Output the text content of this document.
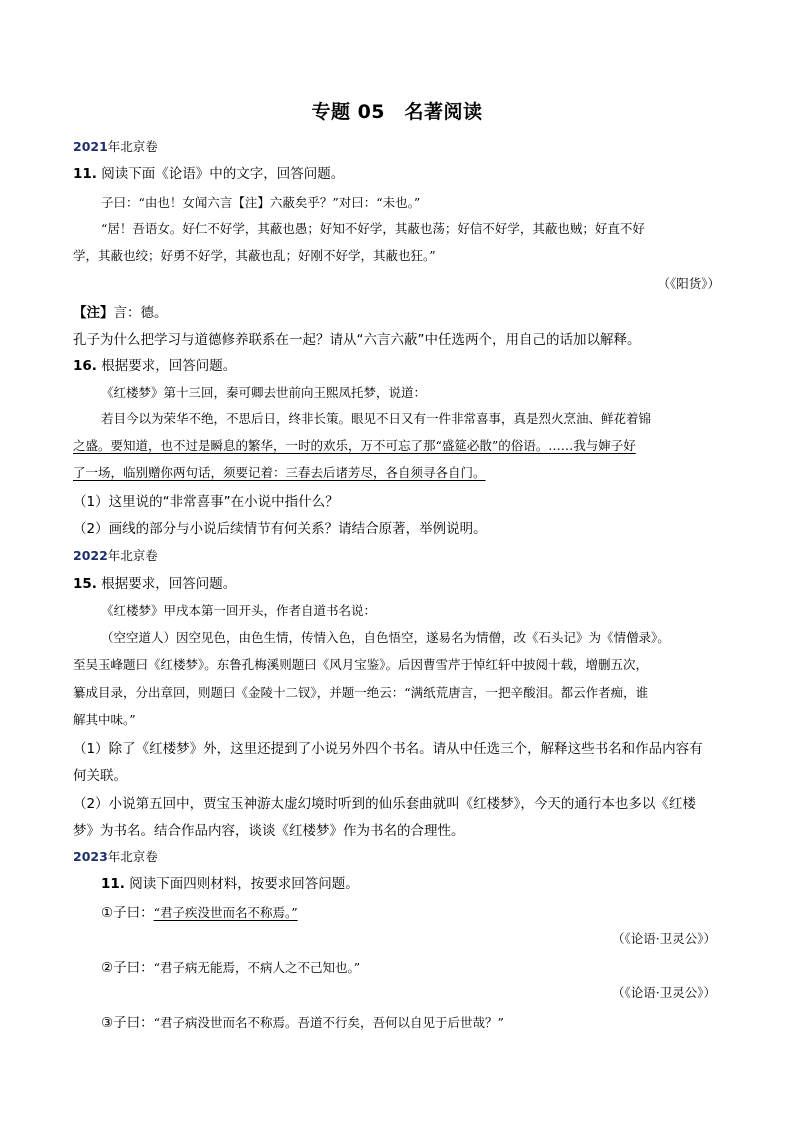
专题 05　名著阅读
2021年北京卷
11. 阅读下面《论语》中的文字，回答问题。
子曰：“由也！女闻六言【注】六蔽矣乎？”对曰：“未也。”
“居！吾语女。好仁不好学，其蔽也愚；好知不好学，其蔽也荡；好信不好学，其蔽也贼；好直不好
学，其蔽也绞；好勇不好学，其蔽也乱；好刚不好学，其蔽也狂。”
（《阳货》）
【注】言：德。
孔子为什么把学习与道德修养联系在一起？请从“六言六蔽”中任选两个，用自己的话加以解释。
16. 根据要求，回答问题。
《红楼梦》第十三回，秦可卿去世前向王熙凤托梦，说道：
若目今以为荣华不绝，不思后日，终非长策。眼见不日又有一件非常喜事，真是烈火烹油、鲜花着锦
之盛。要知道，也不过是瞬息的繁华，一时的欢乐，万不可忘了那“盛筵必散”的俗语。……我与婶子好
了一场，临别赠你两句话，须要记着：三春去后诸芳尽，各自须寻各自门。
（1）这里说的“非常喜事”在小说中指什么？
（2）画线的部分与小说后续情节有何关系？请结合原著，举例说明。
2022年北京卷
15. 根据要求，回答问题。
《红楼梦》甲戌本第一回开头，作者自道书名说：
（空空道人）因空见色，由色生情，传情入色，自色悟空，遂易名为情僧，改《石头记》为《情僧录》。
至吴玉峰题曰《红楼梦》。东鲁孔梅溪则题曰《风月宝鉴》。后因曹雪芹于悼红轩中披阅十载，增删五次，
纂成目录，分出章回，则题曰《金陵十二钗》，并题一绝云：“满纸荒唐言，一把辛酸泪。都云作者痴，谁
解其中味。”
（1）除了《红楼梦》外，这里还提到了小说另外四个书名。请从中任选三个，解释这些书名和作品内容有
何关联。
（2）小说第五回中，贾宝玉神游太虚幻境时听到的仙乐套曲就叫《红楼梦》，今天的通行本也多以《红楼
梦》为书名。结合作品内容，谈谈《红楼梦》作为书名的合理性。
2023年北京卷
11. 阅读下面四则材料，按要求回答问题。
①子曰：“君子疾没世而名不称焉。”
（《论语·卫灵公》）
②子曰：“君子病无能焉，不病人之不己知也。”
（《论语·卫灵公》）
③子曰：“君子病没世而名不称焉。吾道不行矣，吾何以自见于后世哉？”
